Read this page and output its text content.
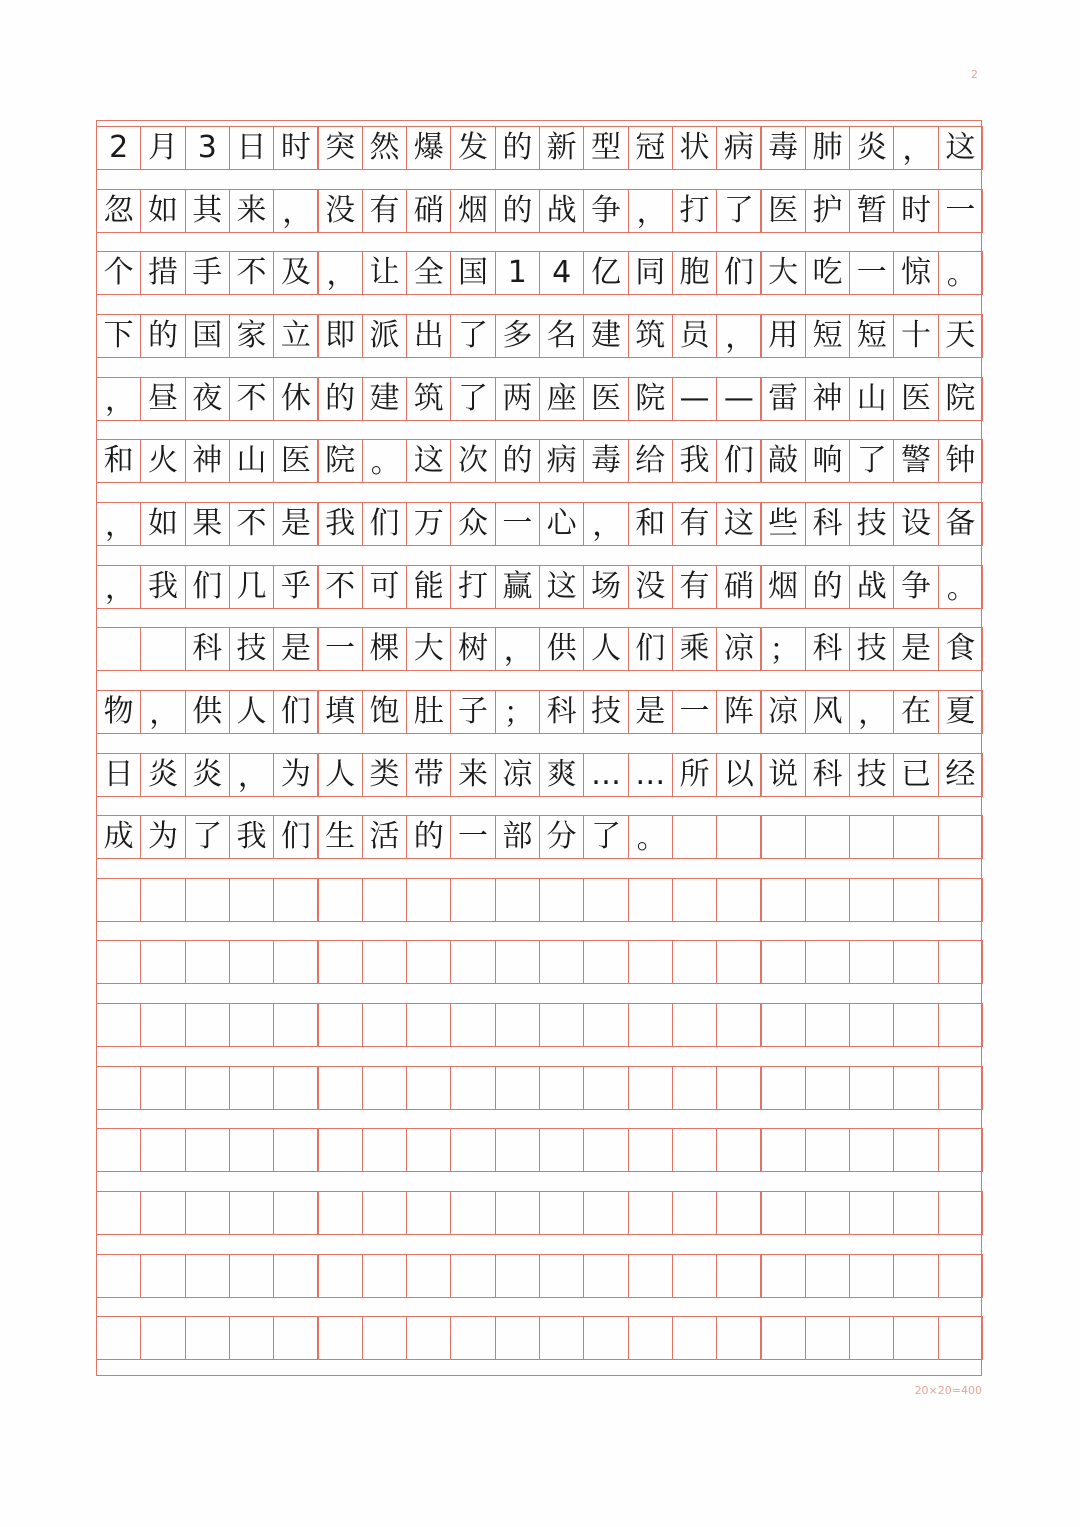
2
20×20=400
2 月 3 日 时 突 然 爆 发 的 新 型 冠 状 病 毒 肺 炎 ， 这
忽 如 其 来 ， 没 有 硝 烟 的 战 争 ， 打 了 医 护 暂 时 一
个 措 手 不 及 ， 让 全 国 1 4 亿 同 胞 们 大 吃 一 惊 。
下 的 国 家 立 即 派 出 了 多 名 建 筑 员 ， 用 短 短 十 天
， 昼 夜 不 休 的 建 筑 了 两 座 医 院 — — 雷 神 山 医 院
和 火 神 山 医 院 。 这 次 的 病 毒 给 我 们 敲 响 了 警 钟
， 如 果 不 是 我 们 万 众 一 心 ， 和 有 这 些 科 技 设 备
， 我 们 几 乎 不 可 能 打 赢 这 场 没 有 硝 烟 的 战 争 。
科 技 是 一 棵 大 树 ， 供 人 们 乘 凉 ； 科 技 是 食
物 ， 供 人 们 填 饱 肚 子 ； 科 技 是 一 阵 凉 风 ， 在 夏
日 炎 炎 ， 为 人 类 带 来 凉 爽 … … 所 以 说 科 技 已 经
成 为 了 我 们 生 活 的 一 部 分 了 。
